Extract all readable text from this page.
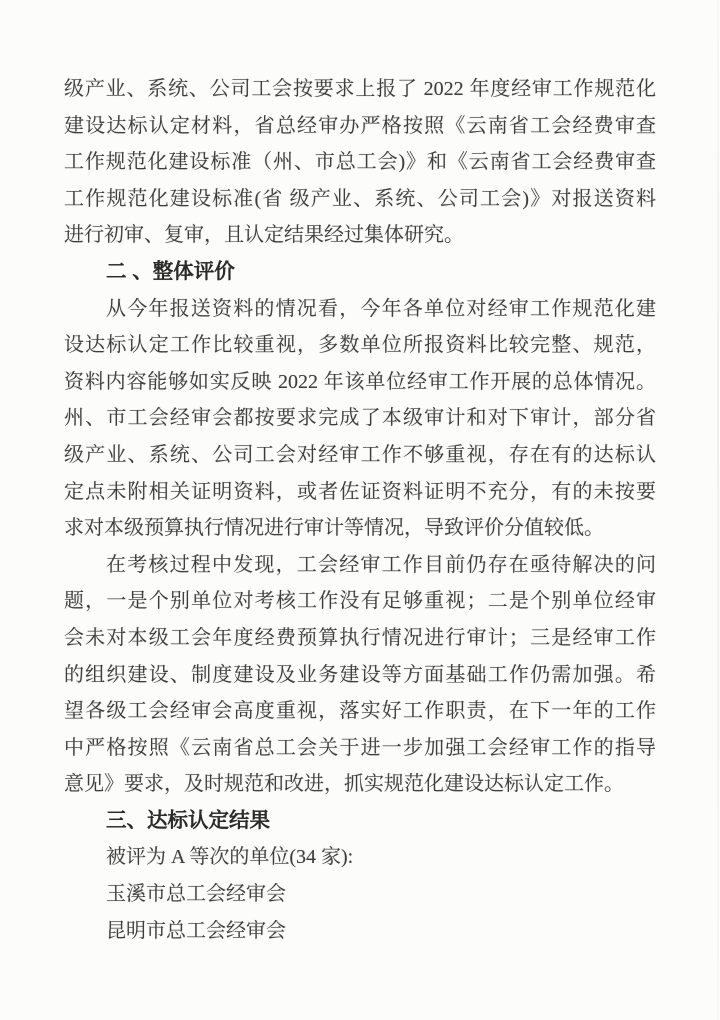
级产业、系统、公司工会按要求上报了 2022 年度经审工作规范化
建设达标认定材料，省总经审办严格按照《云南省工会经费审查
工作规范化建设标准（州、市总工会)》和《云南省工会经费审查
工作规范化建设标准(省 级产业、系统、公司工会)》对报送资料
进行初审、复审，且认定结果经过集体研究。
二 、整体评价
从今年报送资料的情况看，今年各单位对经审工作规范化建
设达标认定工作比较重视，多数单位所报资料比较完整、规范，
资料内容能够如实反映 2022 年该单位经审工作开展的总体情况。
州、市工会经审会都按要求完成了本级审计和对下审计，部分省
级产业、系统、公司工会对经审工作不够重视，存在有的达标认
定点未附相关证明资料，或者佐证资料证明不充分，有的未按要
求对本级预算执行情况进行审计等情况，导致评价分值较低。
在考核过程中发现，工会经审工作目前仍存在亟待解决的问
题，一是个别单位对考核工作没有足够重视；二是个别单位经审
会未对本级工会年度经费预算执行情况进行审计；三是经审工作
的组织建设、制度建设及业务建设等方面基础工作仍需加强。希
望各级工会经审会高度重视，落实好工作职责，在下一年的工作
中严格按照《云南省总工会关于进一步加强工会经审工作的指导
意见》要求，及时规范和改进，抓实规范化建设达标认定工作。
三、达标认定结果
被评为 A 等次的单位(34 家):
玉溪市总工会经审会
昆明市总工会经审会
